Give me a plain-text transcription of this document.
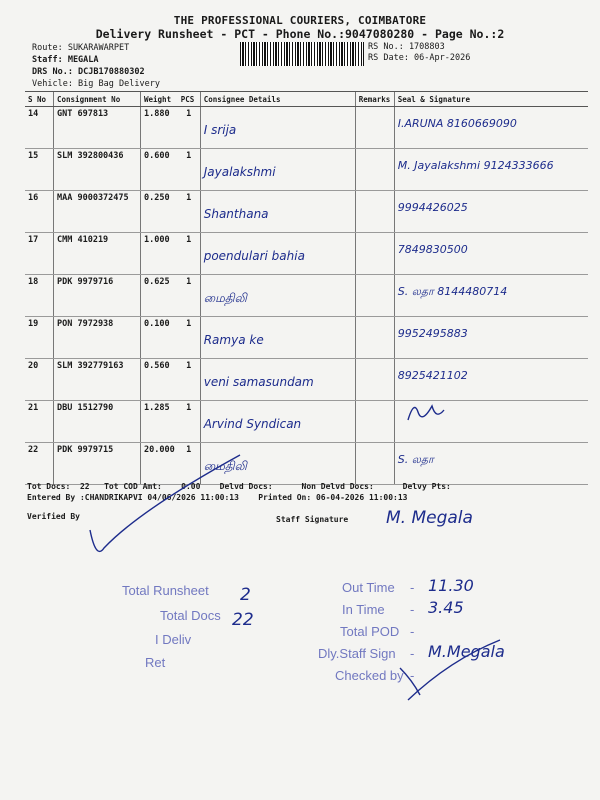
THE PROFESSIONAL COURIERS, COIMBATORE
Delivery Runsheet - PCT - Phone No.:9047080280 - Page No.:2
Route: SUKARAWARPET
Staff: MEGALA
DRS No.: DCJB170880302
Vehicle: Big Bag Delivery
RS No.: 1708803
RS Date: 06-Apr-2026
S No	Consignment No	Weight	PCS	Consignee Details	Remarks	Seal & Signature
14	GNT 697813	1.880	1	I srija		I.ARUNA 8160669090

15	SLM 392800436	0.600	1	Jayalakshmi		M. Jayalakshmi 9124333666

16	MAA 9000372475	0.250	1	Shanthana		9994426025

17	CMM 410219	1.000	1	poendulari bahia		7849830500

18	PDK 9979716	0.625	1	மைதிலி		S. லதா 8144480714

19	PON 7972938	0.100	1	Ramya ke		9952495883

20	SLM 392779163	0.560	1	veni samasundam		8925421102

21	DBU 1512790	1.285	1	Arvind Syndican		

22	PDK 9979715	20.000	1	மைதிலி		S. லதா
Tot Docs:  22   Tot COD Amt:    0.00    Delvd Docs:      Non Delvd Docs:      Delvy Pts:
Entered By :CHANDRIKAPVI 04/06/2026 11:00:13    Printed On: 06-04-2026 11:00:13
Verified By	Staff Signature M. Megala
Total Runsheet
Total Docs
I Deliv
Ret
2
22
Out Time - 11.30
In Time - 3.45
Total POD -
Dly.Staff Sign - M.Megala
Checked by -
